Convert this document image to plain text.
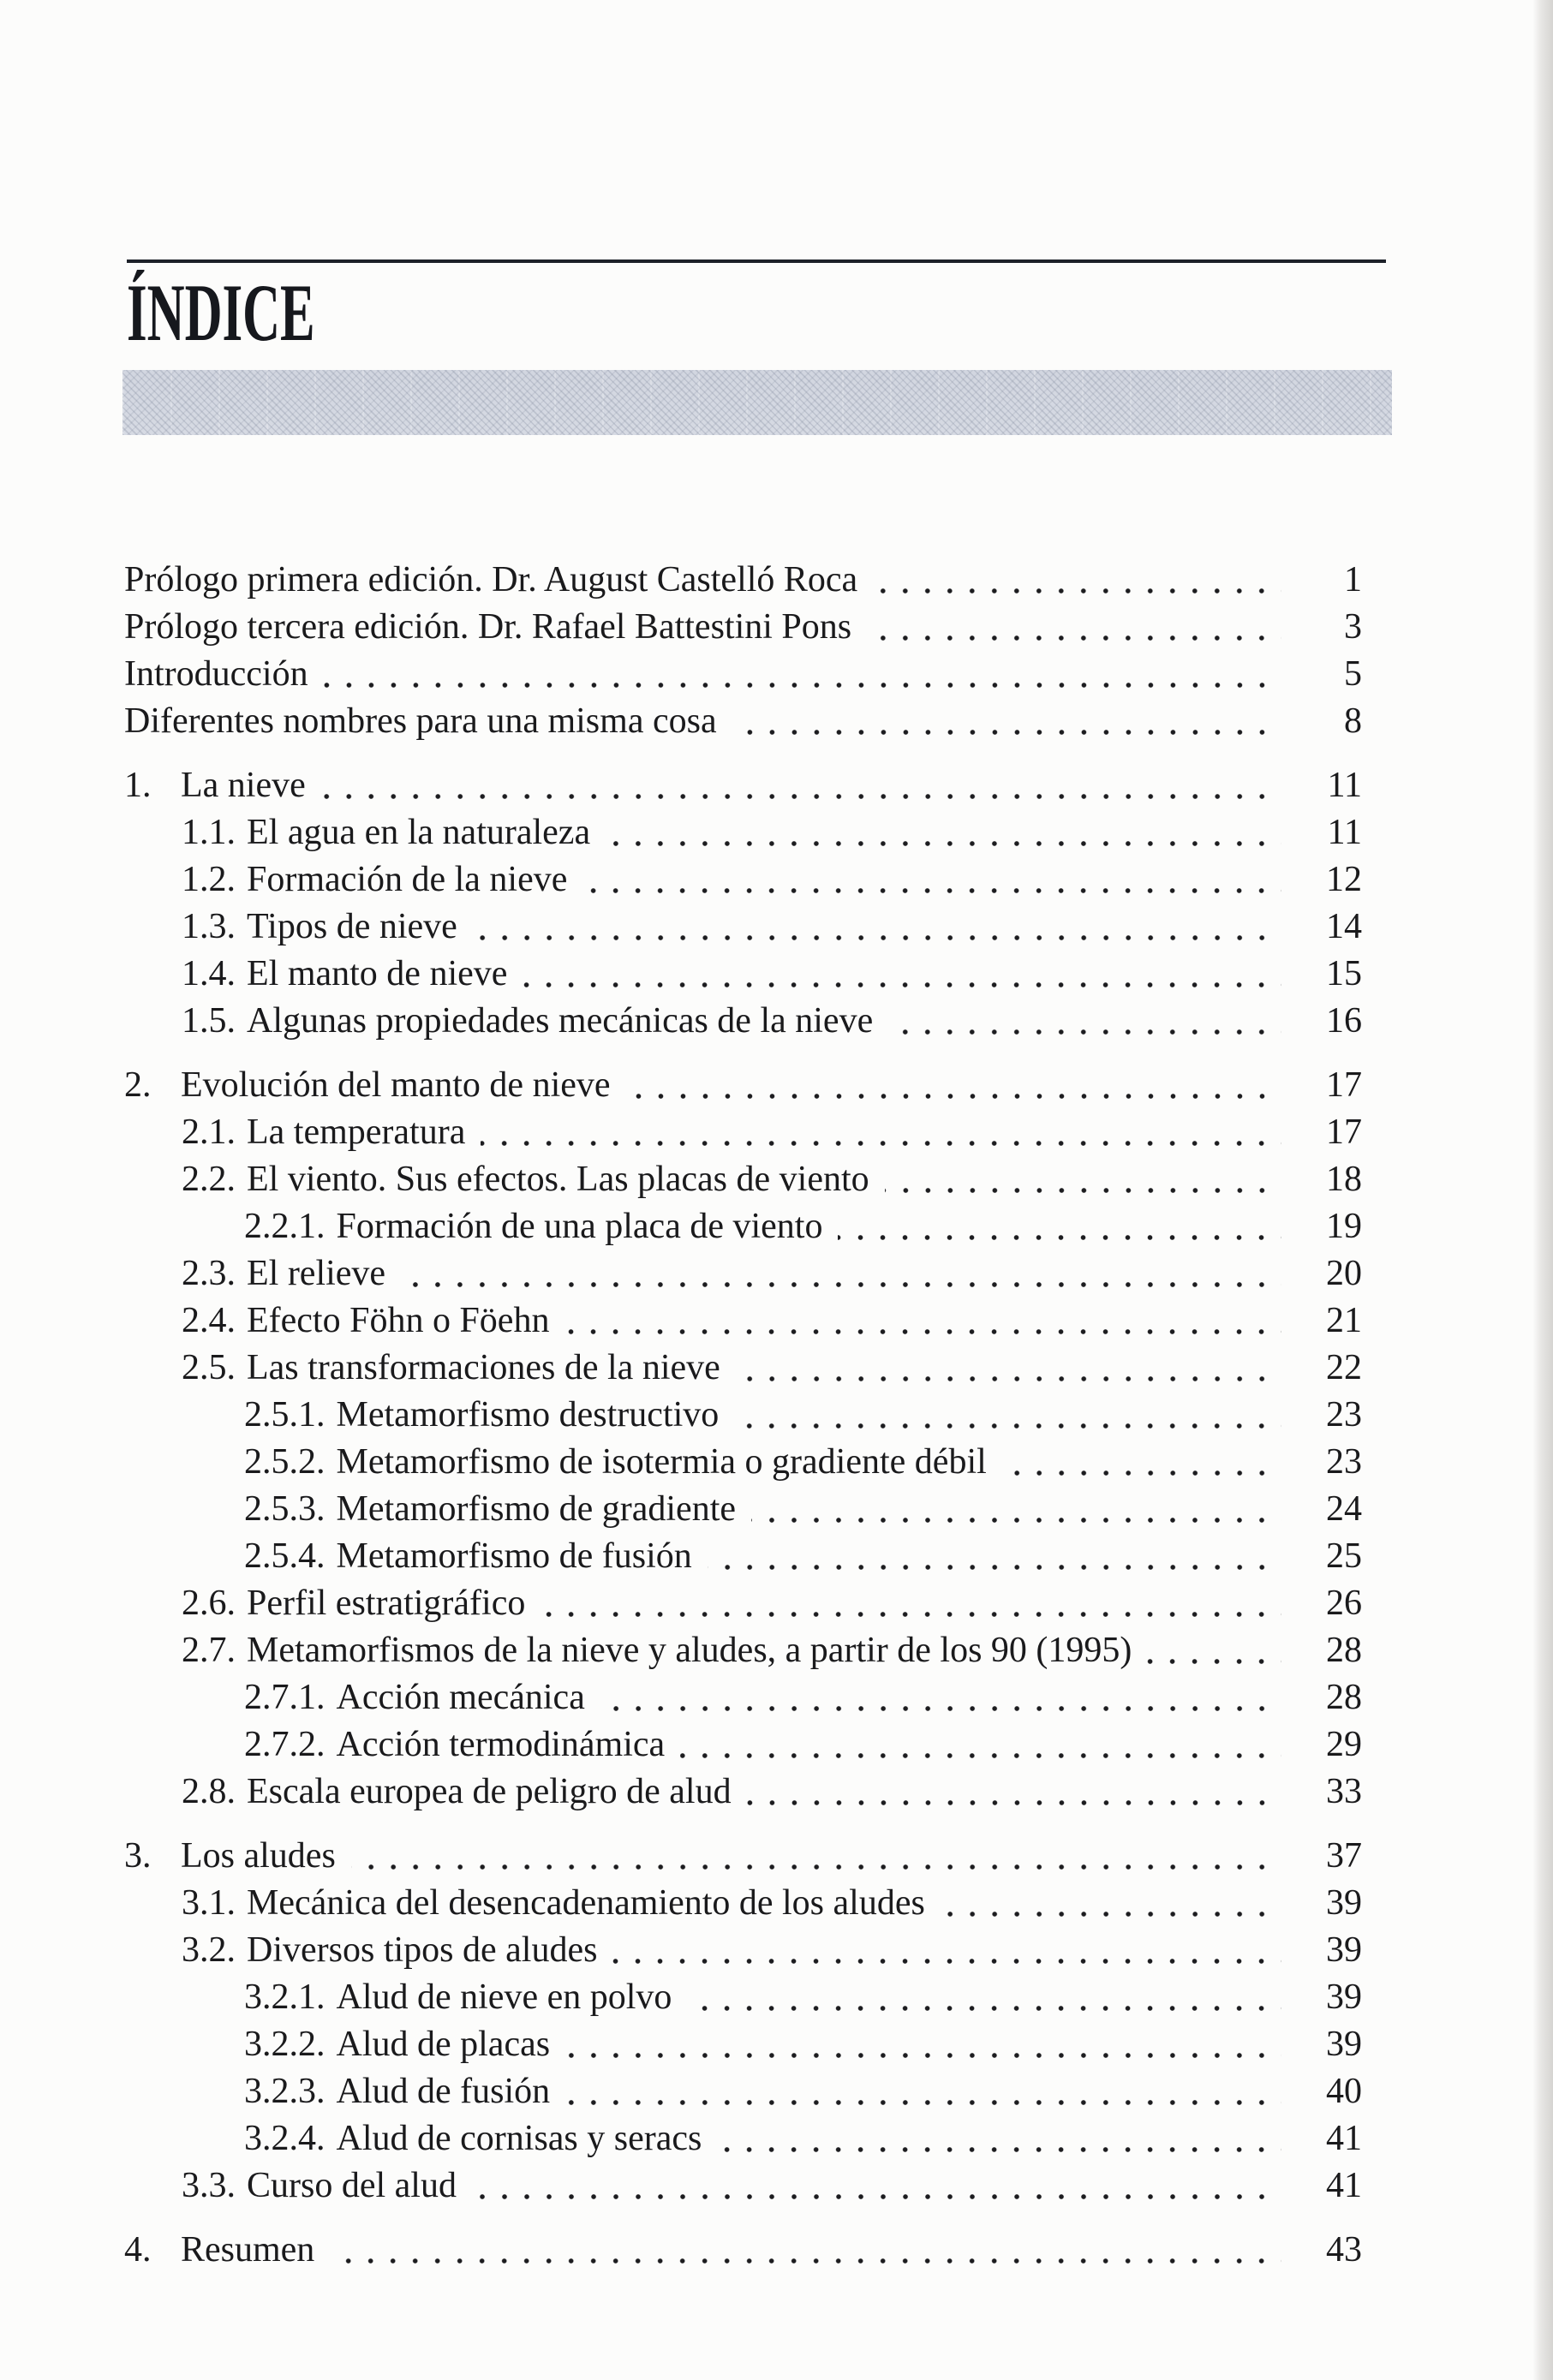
ÍNDICE
Prólogo primera edición. Dr. August Castelló Roca	1
Prólogo tercera edición. Dr. Rafael Battestini Pons	3
Introducción	5
Diferentes nombres para una misma cosa	8
1. La nieve	11
1.1. El agua en la naturaleza	11
1.2. Formación de la nieve	12
1.3. Tipos de nieve	14
1.4. El manto de nieve	15
1.5. Algunas propiedades mecánicas de la nieve	16
2. Evolución del manto de nieve	17
2.1. La temperatura	17
2.2. El viento. Sus efectos. Las placas de viento	18
2.2.1. Formación de una placa de viento	19
2.3. El relieve	20
2.4. Efecto Föhn o Föehn	21
2.5. Las transformaciones de la nieve	22
2.5.1. Metamorfismo destructivo	23
2.5.2. Metamorfismo de isotermia o gradiente débil	23
2.5.3. Metamorfismo de gradiente	24
2.5.4. Metamorfismo de fusión	25
2.6. Perfil estratigráfico	26
2.7. Metamorfismos de la nieve y aludes, a partir de los 90 (1995)	28
2.7.1. Acción mecánica	28
2.7.2. Acción termodinámica	29
2.8. Escala europea de peligro de alud	33
3. Los aludes	37
3.1. Mecánica del desencadenamiento de los aludes	39
3.2. Diversos tipos de aludes	39
3.2.1. Alud de nieve en polvo	39
3.2.2. Alud de placas	39
3.2.3. Alud de fusión	40
3.2.4. Alud de cornisas y seracs	41
3.3. Curso del alud	41
4. Resumen	43
